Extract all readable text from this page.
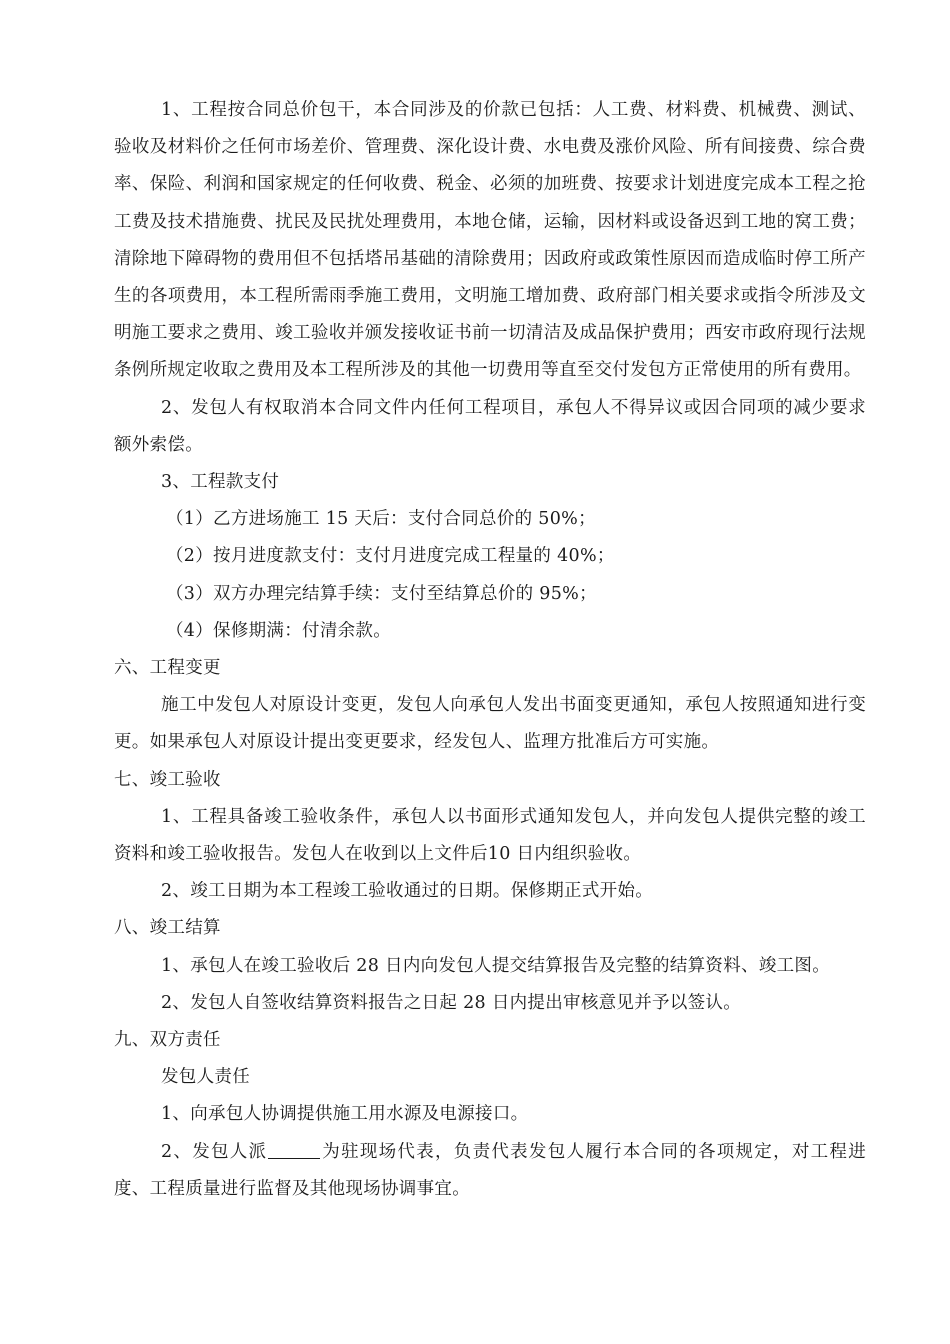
1、工程按合同总价包干，本合同涉及的价款已包括：人工费、材料费、机械费、测试、验收及材料价之任何市场差价、管理费、深化设计费、水电费及涨价风险、所有间接费、综合费率、保险、利润和国家规定的任何收费、税金、必须的加班费、按要求计划进度完成本工程之抢工费及技术措施费、扰民及民扰处理费用，本地仓储，运输，因材料或设备迟到工地的窝工费；清除地下障碍物的费用但不包括塔吊基础的清除费用；因政府或政策性原因而造成临时停工所产生的各项费用，本工程所需雨季施工费用，文明施工增加费、政府部门相关要求或指令所涉及文明施工要求之费用、竣工验收并颁发接收证书前一切清洁及成品保护费用；西安市政府现行法规条例所规定收取之费用及本工程所涉及的其他一切费用等直至交付发包方正常使用的所有费用。

2、发包人有权取消本合同文件内任何工程项目，承包人不得异议或因合同项的减少要求额外索偿。

3、工程款支付

（1）乙方进场施工 15 天后：支付合同总价的 50%；

（2）按月进度款支付：支付月进度完成工程量的 40%；

（3）双方办理完结算手续：支付至结算总价的 95%；

（4）保修期满：付清余款。

六、工程变更

施工中发包人对原设计变更，发包人向承包人发出书面变更通知，承包人按照通知进行变更。如果承包人对原设计提出变更要求，经发包人、监理方批准后方可实施。

七、竣工验收

1、工程具备竣工验收条件，承包人以书面形式通知发包人，并向发包人提供完整的竣工资料和竣工验收报告。发包人在收到以上文件后10 日内组织验收。

2、竣工日期为本工程竣工验收通过的日期。保修期正式开始。

八、竣工结算

1、承包人在竣工验收后 28 日内向发包人提交结算报告及完整的结算资料、竣工图。

2、发包人自签收结算资料报告之日起 28 日内提出审核意见并予以签认。

九、双方责任

发包人责任

1、向承包人协调提供施工用水源及电源接口。

2、发包人派	为驻现场代表，负责代表发包人履行本合同的各项规定，对工程进度、工程质量进行监督及其他现场协调事宜。
